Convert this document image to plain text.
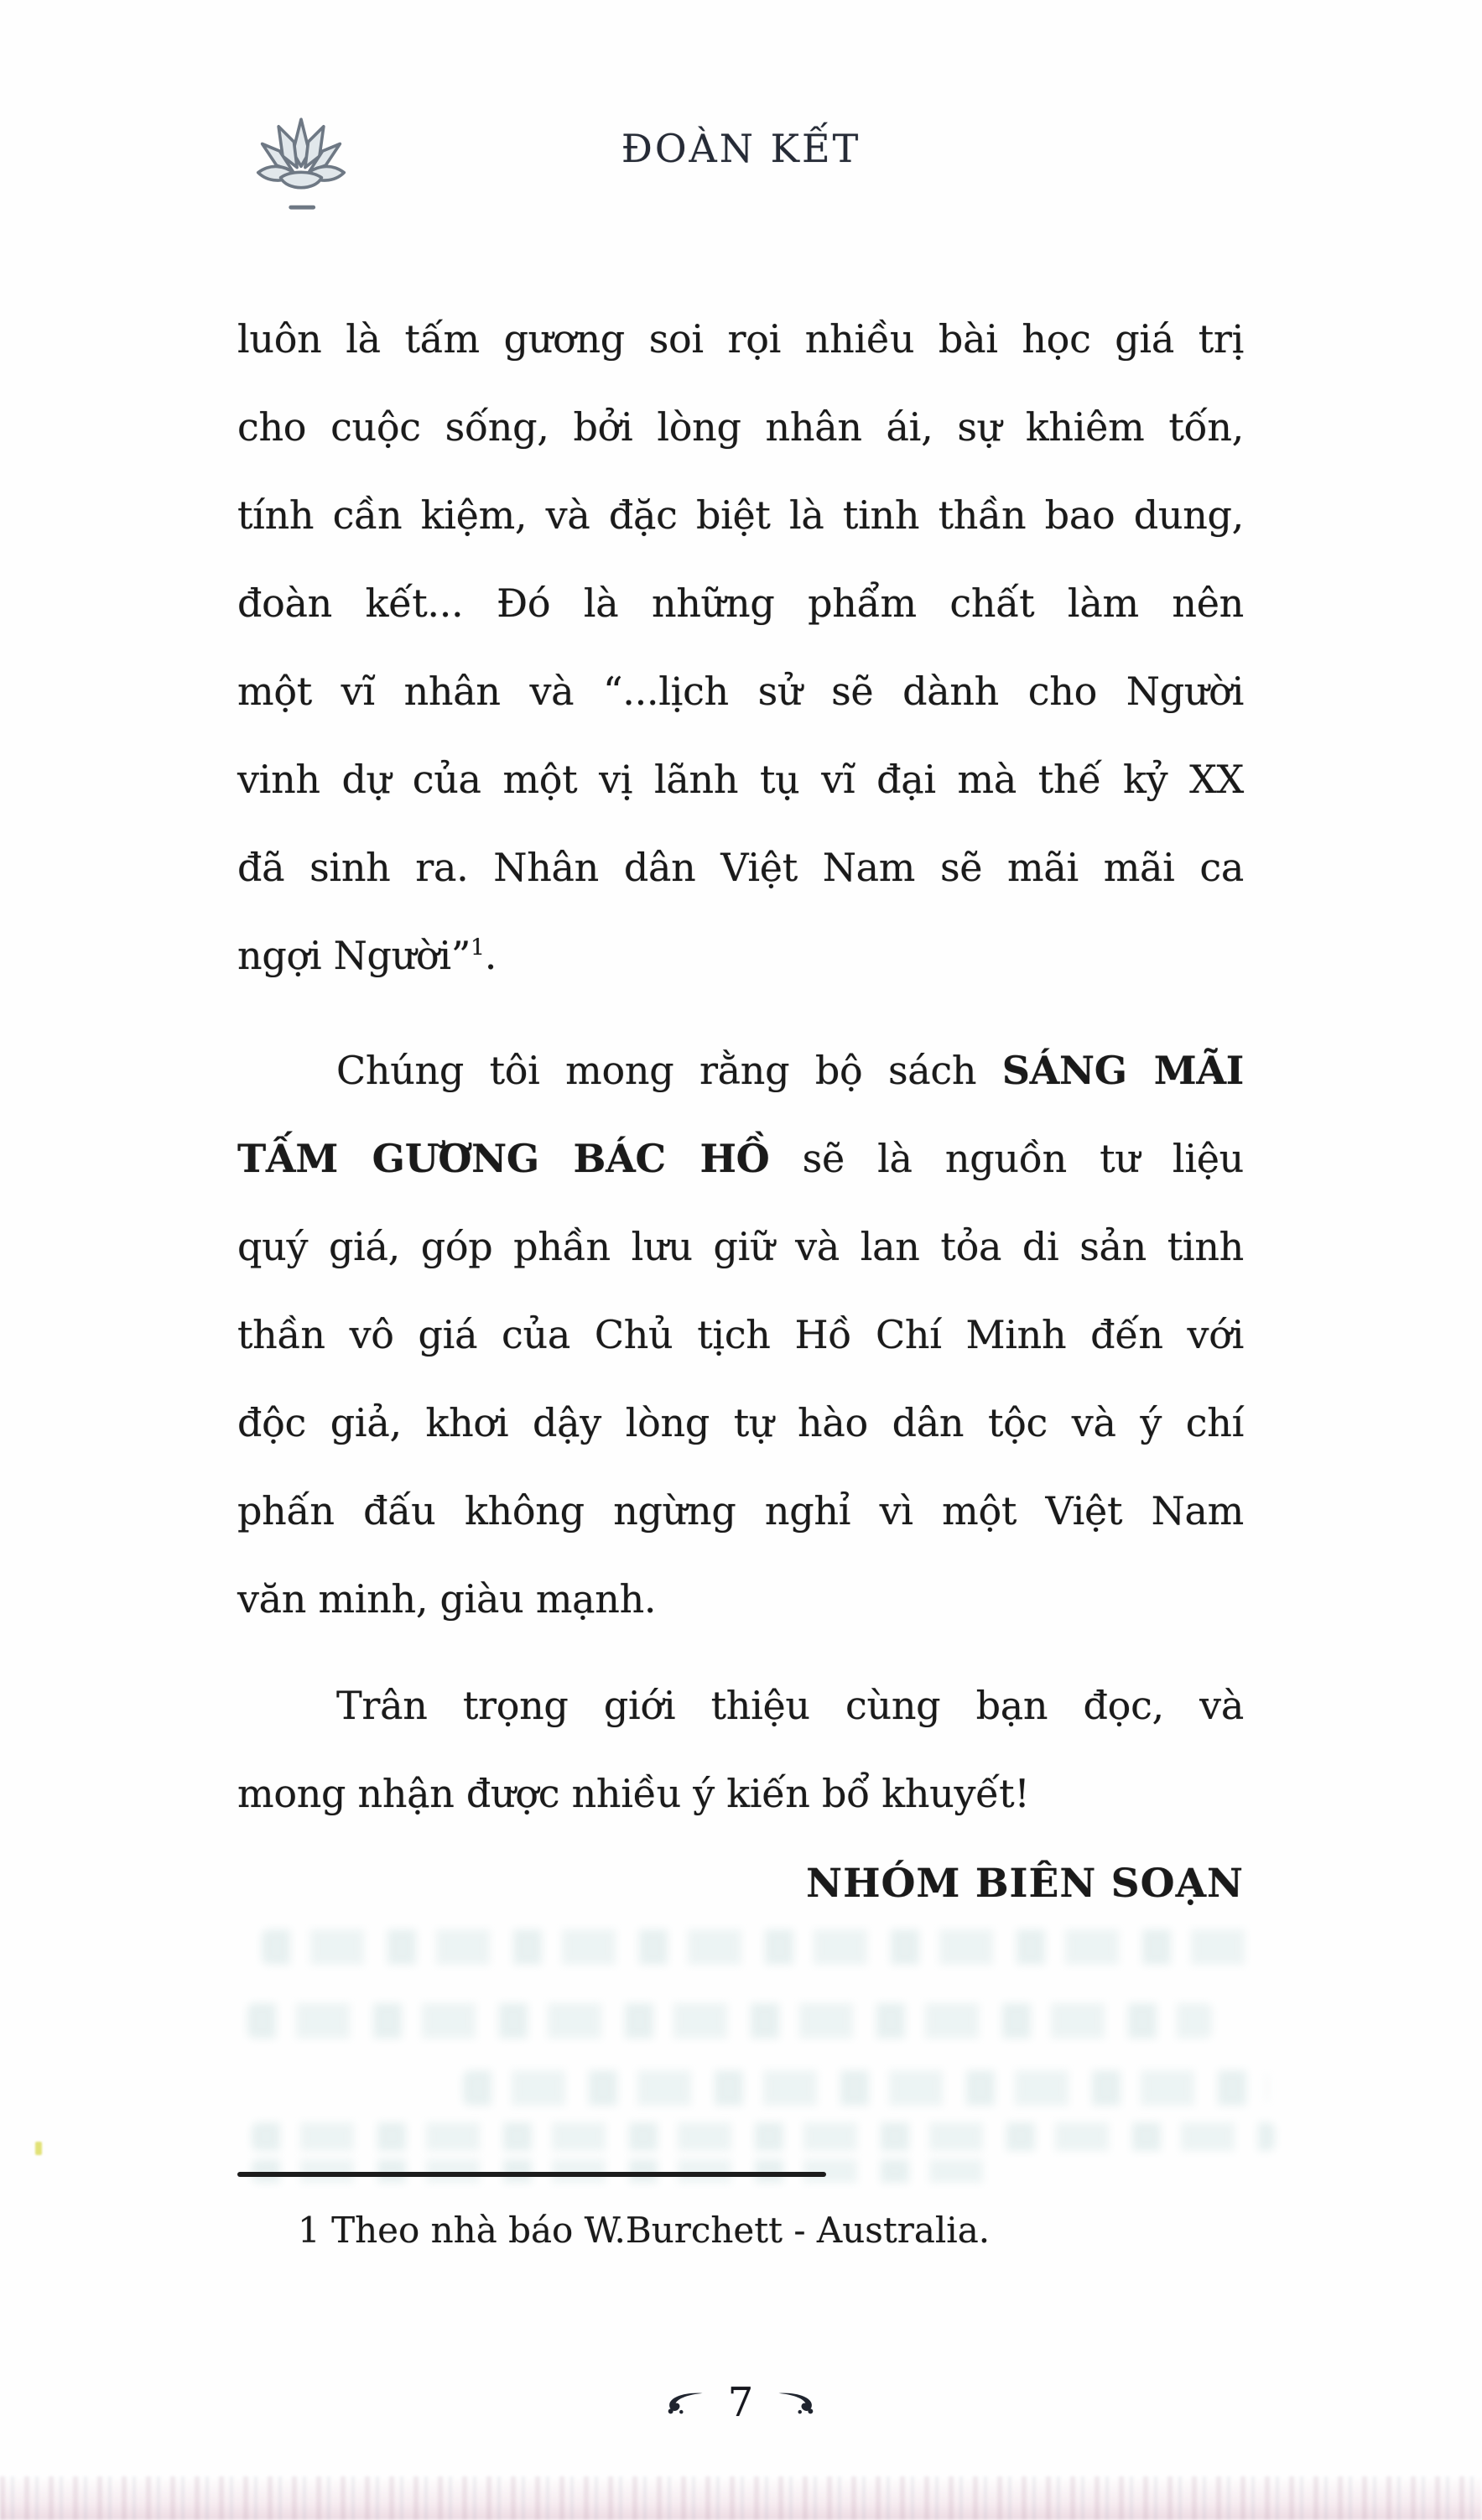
ĐOÀN KẾT
luôn là tấm gương soi rọi nhiều bài học giá trị
cho cuộc sống, bởi lòng nhân ái, sự khiêm tốn,
tính cần kiệm, và đặc biệt là tinh thần bao dung,
đoàn kết... Đó là những phẩm chất làm nên
một vĩ nhân và “...lịch sử sẽ dành cho Người
vinh dự của một vị lãnh tụ vĩ đại mà thế kỷ XX
đã sinh ra. Nhân dân Việt Nam sẽ mãi mãi ca
ngợi Người”$^1$.
Chúng tôi mong rằng bộ sách SÁNG MÃI
TẤM GƯƠNG BÁC HỒ sẽ là nguồn tư liệu
quý giá, góp phần lưu giữ và lan tỏa di sản tinh
thần vô giá của Chủ tịch Hồ Chí Minh đến với
độc giả, khơi dậy lòng tự hào dân tộc và ý chí
phấn đấu không ngừng nghỉ vì một Việt Nam
văn minh, giàu mạnh.
Trân trọng giới thiệu cùng bạn đọc, và
mong nhận được nhiều ý kiến bổ khuyết!
NHÓM BIÊN SOẠN
1 Theo nhà báo W.Burchett - Australia.
7
